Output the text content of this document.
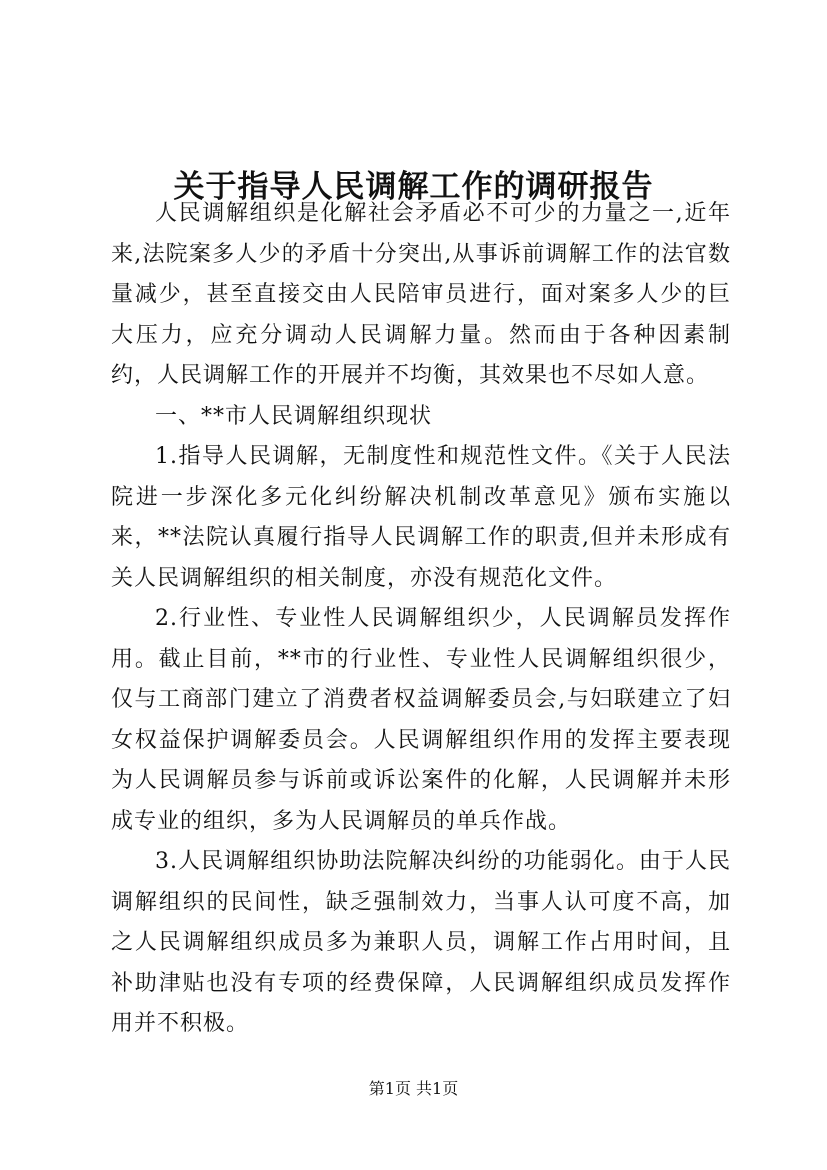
关于指导人民调解工作的调研报告

人民调解组织是化解社会矛盾必不可少的力量之一,近年来,法院案多人少的矛盾十分突出,从事诉前调解工作的法官数量减少，甚至直接交由人民陪审员进行，面对案多人少的巨大压力，应充分调动人民调解力量。然而由于各种因素制约，人民调解工作的开展并不均衡，其效果也不尽如人意。

一、**市人民调解组织现状

1.指导人民调解，无制度性和规范性文件。《关于人民法院进一步深化多元化纠纷解决机制改革意见》颁布实施以来，**法院认真履行指导人民调解工作的职责,但并未形成有关人民调解组织的相关制度，亦没有规范化文件。

2.行业性、专业性人民调解组织少，人民调解员发挥作用。截止目前，**市的行业性、专业性人民调解组织很少，仅与工商部门建立了消费者权益调解委员会,与妇联建立了妇女权益保护调解委员会。人民调解组织作用的发挥主要表现为人民调解员参与诉前或诉讼案件的化解，人民调解并未形成专业的组织，多为人民调解员的单兵作战。

3.人民调解组织协助法院解决纠纷的功能弱化。由于人民调解组织的民间性，缺乏强制效力，当事人认可度不高，加之人民调解组织成员多为兼职人员，调解工作占用时间，且补助津贴也没有专项的经费保障，人民调解组织成员发挥作用并不积极。

第1页 共1页
